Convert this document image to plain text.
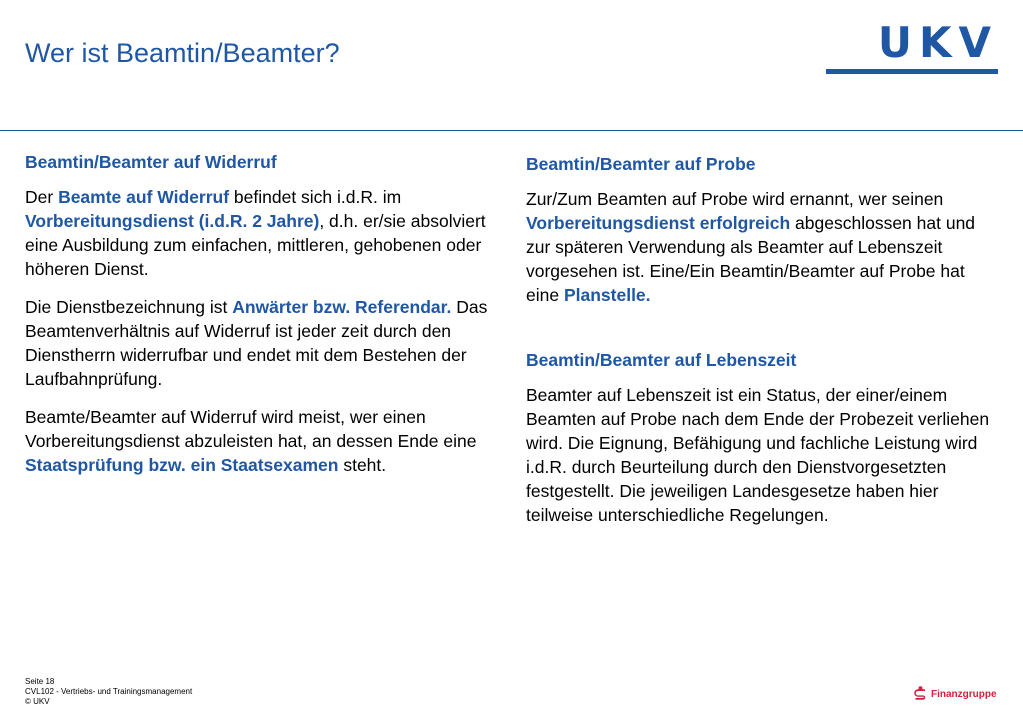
Wer ist Beamtin/Beamter?	UKV
Beamtin/Beamter auf Widerruf

Der Beamte auf Widerruf befindet sich i.d.R. im Vorbereitungsdienst (i.d.R. 2 Jahre), d.h. er/sie absolviert eine Ausbildung zum einfachen, mittleren, gehobenen oder höheren Dienst.

Die Dienstbezeichnung ist Anwärter bzw. Referendar. Das Beamtenverhältnis auf Widerruf ist jeder zeit durch den Dienstherrn widerrufbar und endet mit dem Bestehen der Laufbahnprüfung.

Beamte/Beamter auf Widerruf wird meist, wer einen Vorbereitungsdienst abzuleisten hat, an dessen Ende eine Staatsprüfung bzw. ein Staatsexamen steht.

Beamtin/Beamter auf Probe

Zur/Zum Beamten auf Probe wird ernannt, wer seinen Vorbereitungsdienst erfolgreich abgeschlossen hat und zur späteren Verwendung als Beamter auf Lebenszeit vorgesehen ist. Eine/Ein Beamtin/Beamter auf Probe hat eine Planstelle.

Beamtin/Beamter auf Lebenszeit

Beamter auf Lebenszeit ist ein Status, der einer/einem Beamten auf Probe nach dem Ende der Probezeit verliehen wird. Die Eignung, Befähigung und fachliche Leistung wird i.d.R. durch Beurteilung durch den Dienstvorgesetzten festgestellt. Die jeweiligen Landesgesetze haben hier teilweise unterschiedliche Regelungen.

Seite 18
CVL102 - Vertriebs- und Trainingsmanagement
© UKV
Finanzgruppe
